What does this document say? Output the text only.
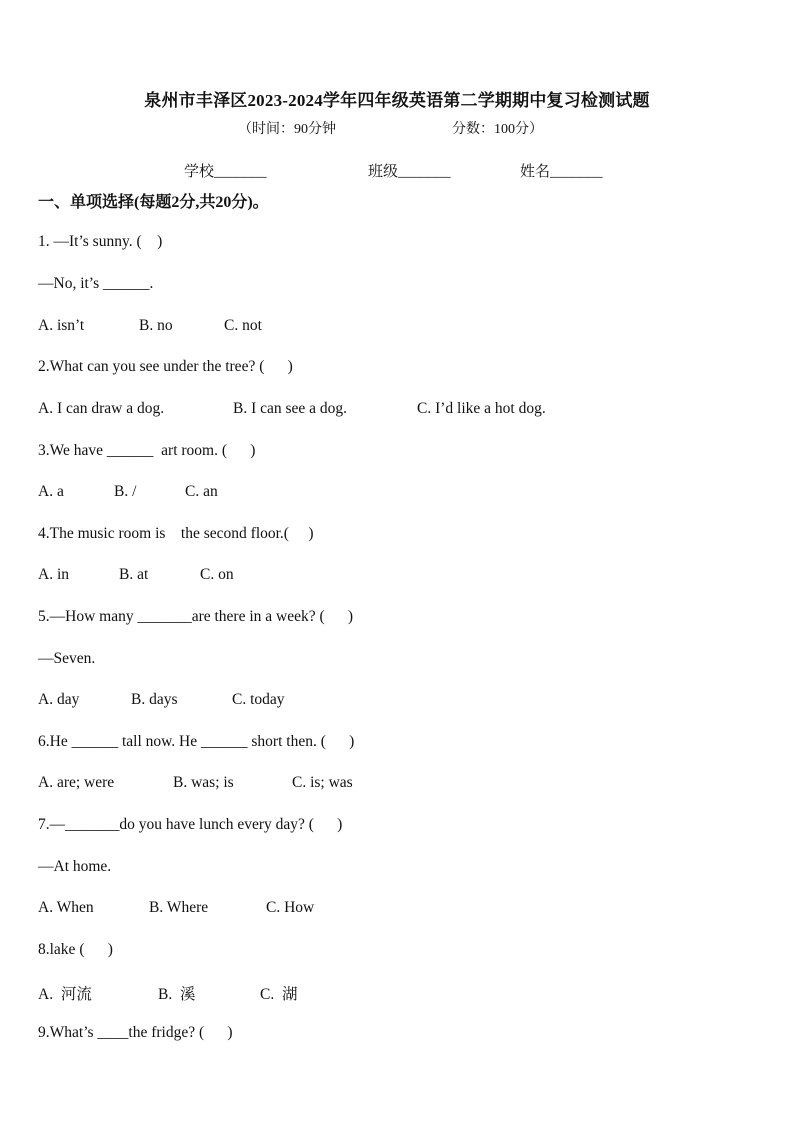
泉州市丰泽区2023-2024学年四年级英语第二学期期中复习检测试题
（时间：90分钟	分数：100分）
学校_______	班级_______	姓名_______
一、单项选择(每题2分,共20分)。
1. —It’s sunny. (    )
—No, it’s ______.
A. isn’t	B. no	C. not
2.What can you see under the tree? (      )
A. I can draw a dog.	B. I can see a dog.	C. I’d like a hot dog.
3.We have ______  art room. (      )
A. a	B. /	C. an
4.The music room is    the second floor.(     )
A. in	B. at	C. on
5.—How many _______are there in a week? (      )
—Seven.
A. day	B. days	C. today
6.He ______ tall now. He ______ short then. (      )
A. are; were	B. was; is	C. is; was
7.—_______do you have lunch every day? (      )
—At home.
A. When	B. Where	C. How
8.lake (      )
A.  河流	B.  溪	C.  湖
9.What’s ____the fridge? (      )
